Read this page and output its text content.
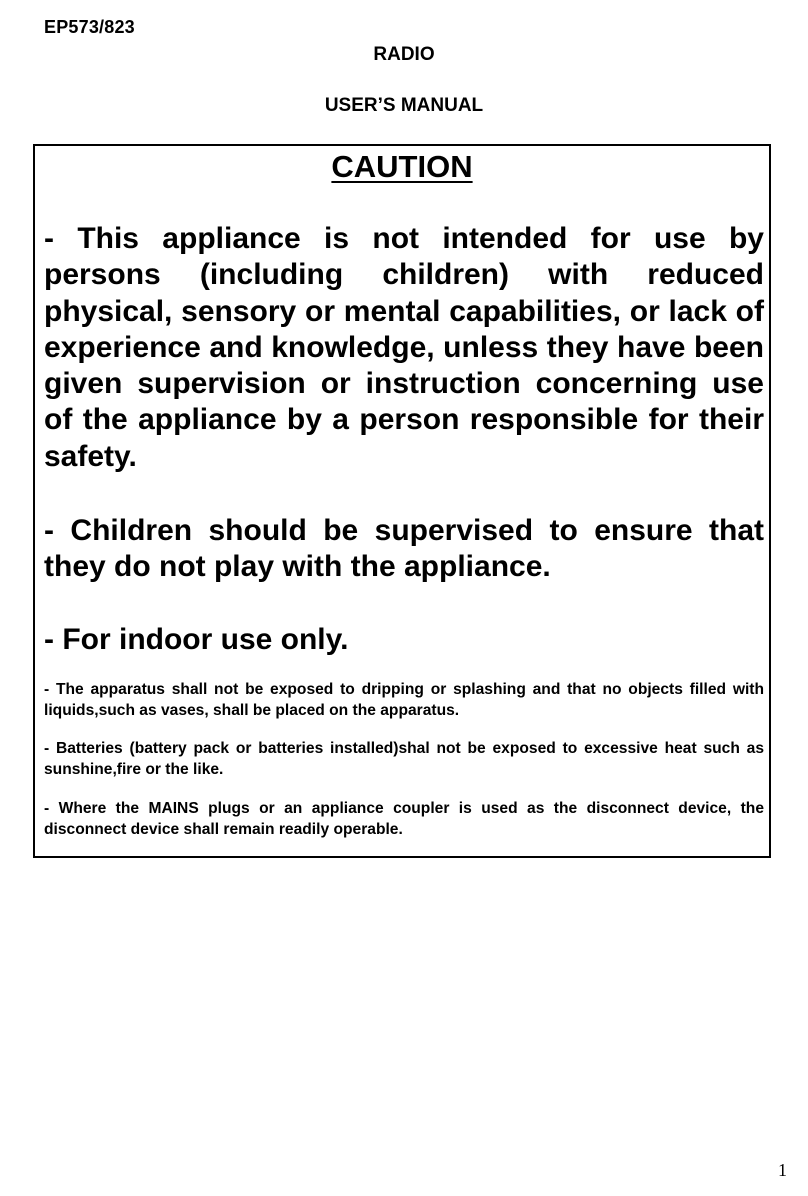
EP573/823
RADIO
USER’S MANUAL
CAUTION

- This appliance is not intended for use by persons (including children) with reduced physical, sensory or mental capabilities, or lack of experience and knowledge, unless they have been given supervision or instruction concerning use of the appliance by a person responsible for their safety.

- Children should be supervised to ensure that they do not play with the appliance.

- For indoor use only.

- The apparatus shall not be exposed to dripping or splashing and that no objects filled with liquids,such as vases, shall be placed on the apparatus.

- Batteries (battery pack or batteries installed)shal not be exposed to excessive heat such as sunshine,fire or the like.

- Where the MAINS plugs or an appliance coupler is used as the disconnect device, the disconnect device shall remain readily operable.

1
